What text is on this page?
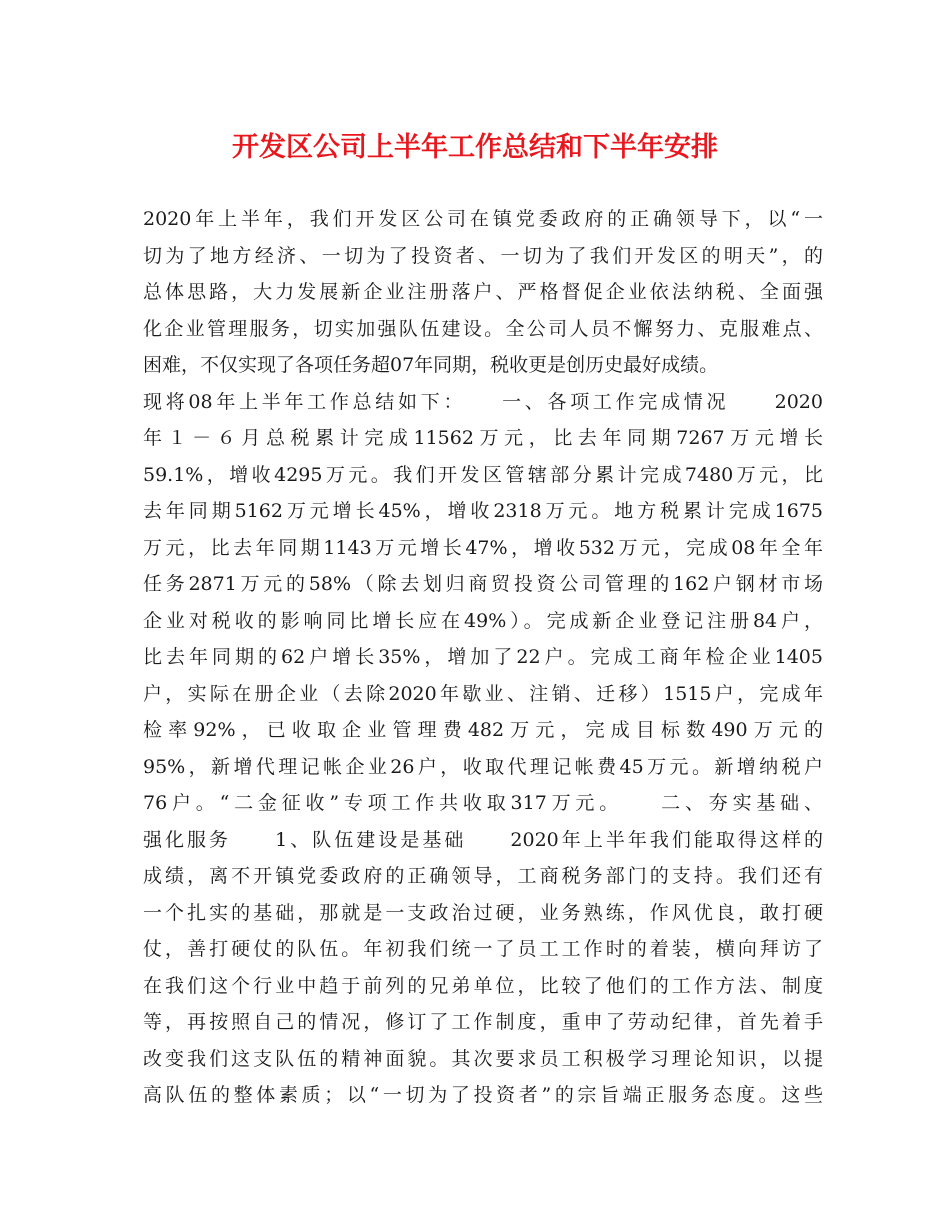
开发区公司上半年工作总结和下半年安排
2020年上半年，我们开发区公司在镇党委政府的正确领导下，以“一
切为了地方经济、一切为了投资者、一切为了我们开发区的明天”，的
总体思路，大力发展新企业注册落户、严格督促企业依法纳税、全面强
化企业管理服务，切实加强队伍建设。全公司人员不懈努力、克服难点、
困难，不仅实现了各项任务超07年同期，税收更是创历史最好成绩。
现将08年上半年工作总结如下：　　一、各项工作完成情况　　2020
年１－６月总税累计完成11562万元，比去年同期7267万元增长
59.1%，增收4295万元。我们开发区管辖部分累计完成7480万元，比
去年同期5162万元增长45%，增收2318万元。地方税累计完成1675
万元，比去年同期1143万元增长47%，增收532万元，完成08年全年
任务2871万元的58%（除去划归商贸投资公司管理的162户钢材市场
企业对税收的影响同比增长应在49%）。完成新企业登记注册84户，
比去年同期的62户增长35%，增加了22户。完成工商年检企业1405
户，实际在册企业（去除2020年歇业、注销、迁移）1515户，完成年
检率92%，已收取企业管理费482万元，完成目标数490万元的
95%，新增代理记帐企业26户，收取代理记帐费45万元。新增纳税户
76户。“二金征收”专项工作共收取317万元。　　二、夯实基础、
强化服务　　1、队伍建设是基础　　2020年上半年我们能取得这样的
成绩，离不开镇党委政府的正确领导，工商税务部门的支持。我们还有
一个扎实的基础，那就是一支政治过硬，业务熟练，作风优良，敢打硬
仗，善打硬仗的队伍。年初我们统一了员工工作时的着装，横向拜访了
在我们这个行业中趋于前列的兄弟单位，比较了他们的工作方法、制度
等，再按照自己的情况，修订了工作制度，重申了劳动纪律，首先着手
改变我们这支队伍的精神面貌。其次要求员工积极学习理论知识，以提
高队伍的整体素质；以“一切为了投资者”的宗旨端正服务态度。这些
